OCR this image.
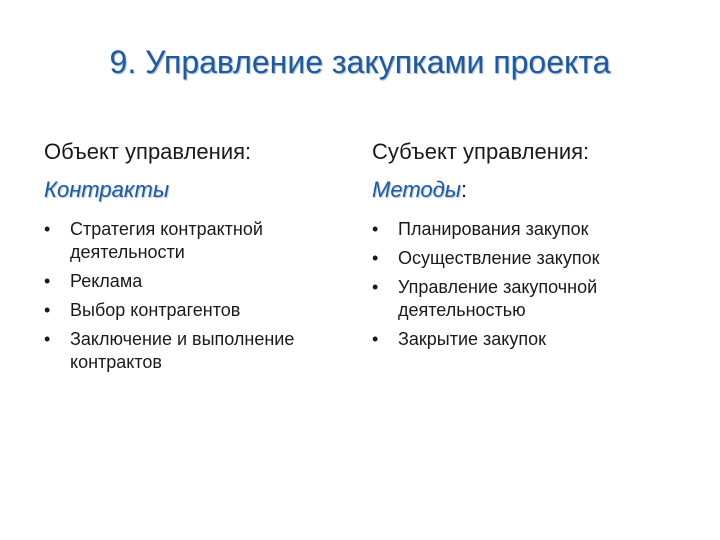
9. Управление закупками проекта

Объект управления:

Контракты

• Стратегия контрактной деятельности
• Реклама
• Выбор контрагентов
• Заключение и выполнение контрактов

Субъект управления:

Методы:

• Планирования закупок
• Осуществление закупок
• Управление закупочной деятельностью
• Закрытие закупок
